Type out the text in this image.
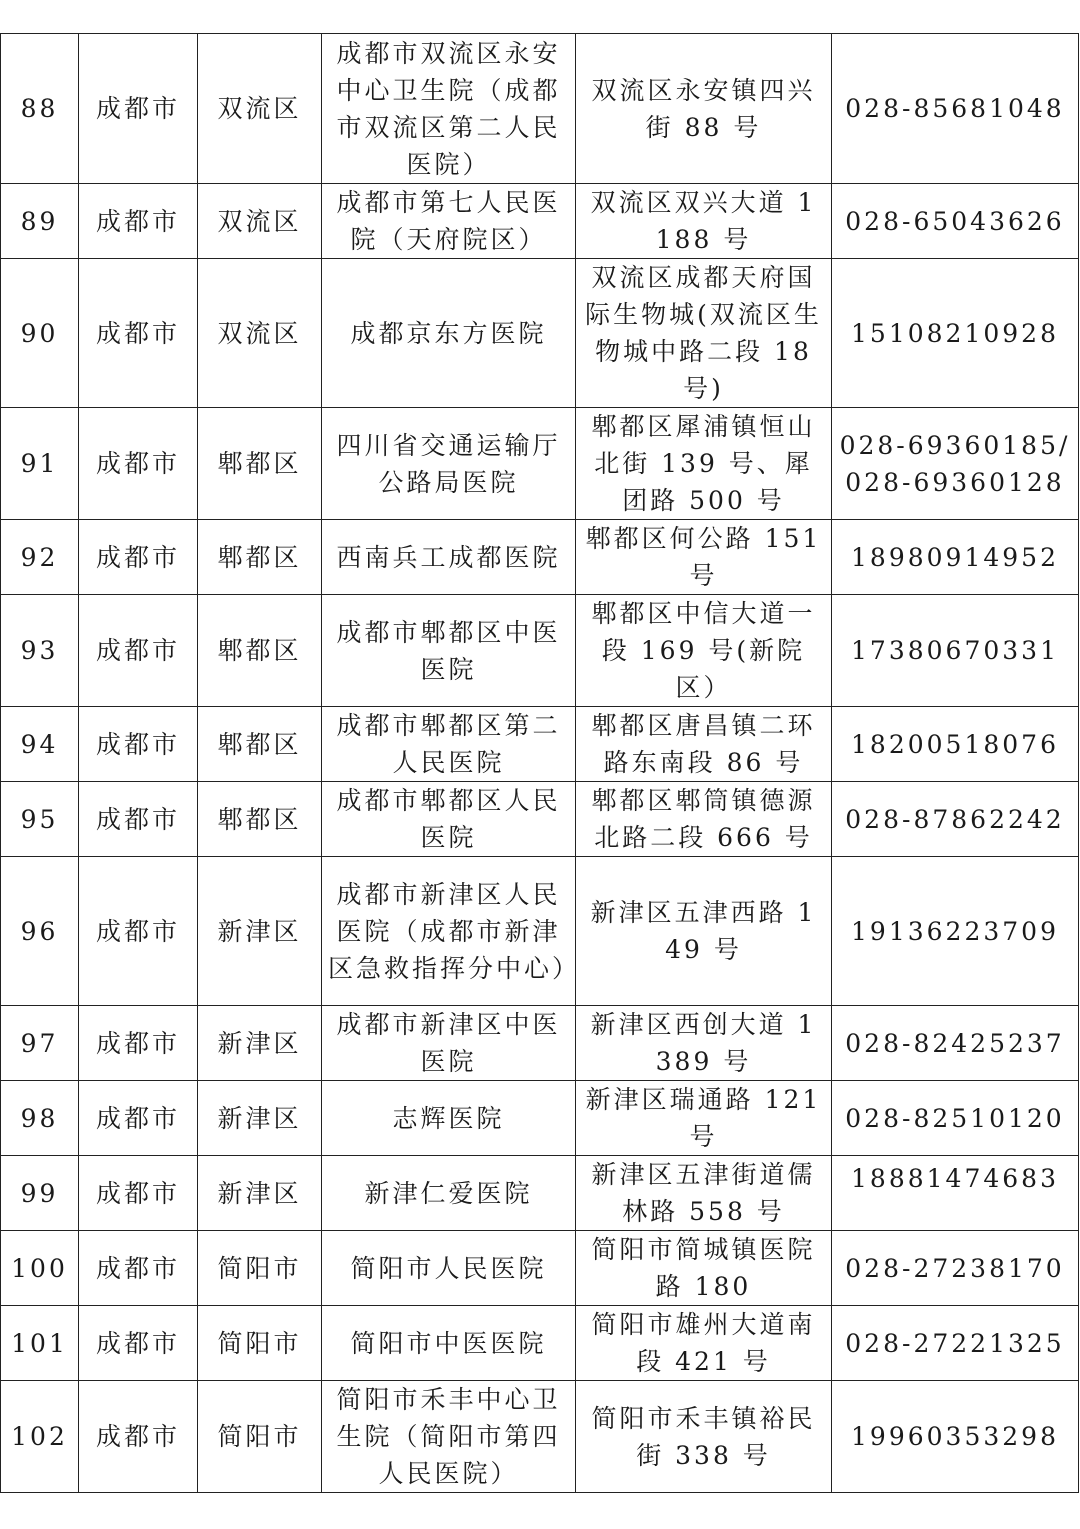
88	成都市	双流区	成都市双流区永安中心卫生院（成都市双流区第二人民医院）	双流区永安镇四兴街 88 号	028-85681048
89	成都市	双流区	成都市第七人民医院（天府院区）	双流区双兴大道 1188 号	028-65043626
90	成都市	双流区	成都京东方医院	双流区成都天府国际生物城(双流区生物城中路二段 18 号)	15108210928
91	成都市	郫都区	四川省交通运输厅公路局医院	郫都区犀浦镇恒山北街 139 号、犀团路 500 号	028-69360185/028-69360128
92	成都市	郫都区	西南兵工成都医院	郫都区何公路 151 号	18980914952
93	成都市	郫都区	成都市郫都区中医医院	郫都区中信大道一段 169 号(新院区）	17380670331
94	成都市	郫都区	成都市郫都区第二人民医院	郫都区唐昌镇二环路东南段 86 号	18200518076
95	成都市	郫都区	成都市郫都区人民医院	郫都区郫筒镇德源北路二段 666 号	028-87862242
96	成都市	新津区	成都市新津区人民医院（成都市新津区急救指挥分中心）	新津区五津西路 149 号	19136223709
97	成都市	新津区	成都市新津区中医医院	新津区西创大道 1389 号	028-82425237
98	成都市	新津区	志辉医院	新津区瑞通路 121 号	028-82510120
99	成都市	新津区	新津仁爱医院	新津区五津街道儒林路 558 号	18881474683
100	成都市	简阳市	简阳市人民医院	简阳市简城镇医院路 180	028-27238170
101	成都市	简阳市	简阳市中医医院	简阳市雄州大道南段 421 号	028-27221325
102	成都市	简阳市	简阳市禾丰中心卫生院（简阳市第四人民医院）	简阳市禾丰镇裕民街 338 号	19960353298
